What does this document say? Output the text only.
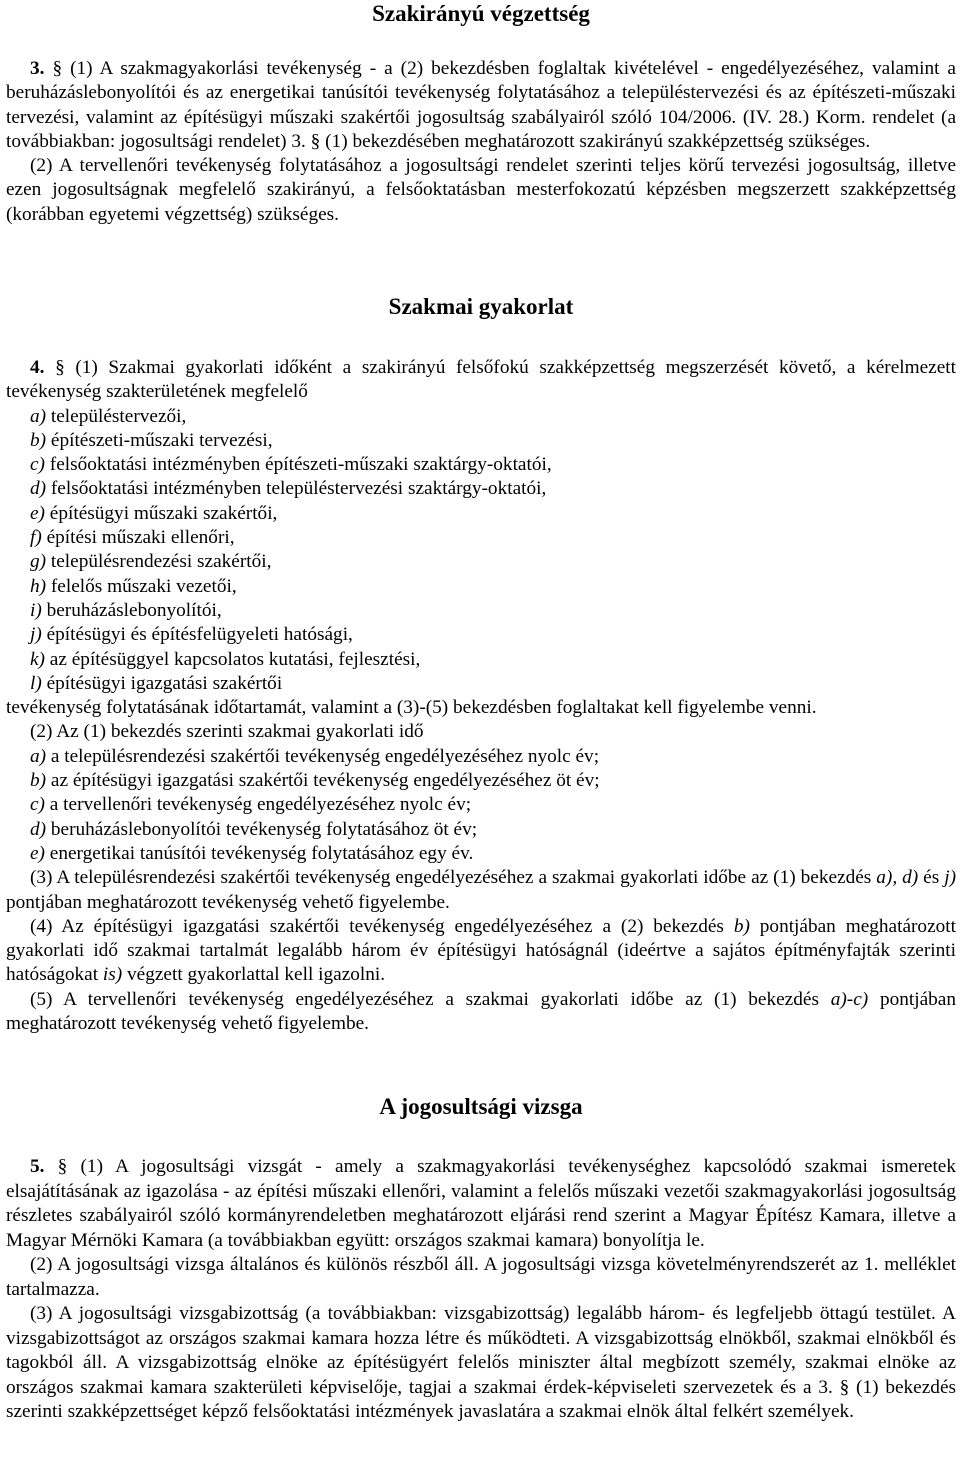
Szakirányú végzettség

3. § (1) A szakmagyakorlási tevékenység - a (2) bekezdésben foglaltak kivételével - engedélyezéséhez, valamint a beruházáslebonyolítói és az energetikai tanúsítói tevékenység folytatásához a településtervezési és az építészeti-műszaki tervezési, valamint az építésügyi műszaki szakértői jogosultság szabályairól szóló 104/2006. (IV. 28.) Korm. rendelet (a továbbiakban: jogosultsági rendelet) 3. § (1) bekezdésében meghatározott szakirányú szakképzettség szükséges.

(2) A tervellenőri tevékenység folytatásához a jogosultsági rendelet szerinti teljes körű tervezési jogosultság, illetve ezen jogosultságnak megfelelő szakirányú, a felsőoktatásban mesterfokozatú képzésben megszerzett szakképzettség (korábban egyetemi végzettség) szükséges.

Szakmai gyakorlat

4. § (1) Szakmai gyakorlati időként a szakirányú felsőfokú szakképzettség megszerzését követő, a kérelmezett tevékenység szakterületének megfelelő

a) településtervezői,

b) építészeti-műszaki tervezési,

c) felsőoktatási intézményben építészeti-műszaki szaktárgy-oktatói,

d) felsőoktatási intézményben településtervezési szaktárgy-oktatói,

e) építésügyi műszaki szakértői,

f) építési műszaki ellenőri,

g) településrendezési szakértői,

h) felelős műszaki vezetői,

i) beruházáslebonyolítói,

j) építésügyi és építésfelügyeleti hatósági,

k) az építésüggyel kapcsolatos kutatási, fejlesztési,

l) építésügyi igazgatási szakértői

tevékenység folytatásának időtartamát, valamint a (3)-(5) bekezdésben foglaltakat kell figyelembe venni.

(2) Az (1) bekezdés szerinti szakmai gyakorlati idő

a) a településrendezési szakértői tevékenység engedélyezéséhez nyolc év;

b) az építésügyi igazgatási szakértői tevékenység engedélyezéséhez öt év;

c) a tervellenőri tevékenység engedélyezéséhez nyolc év;

d) beruházáslebonyolítói tevékenység folytatásához öt év;

e) energetikai tanúsítói tevékenység folytatásához egy év.

(3) A településrendezési szakértői tevékenység engedélyezéséhez a szakmai gyakorlati időbe az (1) bekezdés a), d) és j) pontjában meghatározott tevékenység vehető figyelembe.

(4) Az építésügyi igazgatási szakértői tevékenység engedélyezéséhez a (2) bekezdés b) pontjában meghatározott gyakorlati idő szakmai tartalmát legalább három év építésügyi hatóságnál (ideértve a sajátos építményfajták szerinti hatóságokat is) végzett gyakorlattal kell igazolni.

(5) A tervellenőri tevékenység engedélyezéséhez a szakmai gyakorlati időbe az (1) bekezdés a)-c) pontjában meghatározott tevékenység vehető figyelembe.

A jogosultsági vizsga

5. § (1) A jogosultsági vizsgát - amely a szakmagyakorlási tevékenységhez kapcsolódó szakmai ismeretek elsajátításának az igazolása - az építési műszaki ellenőri, valamint a felelős műszaki vezetői szakmagyakorlási jogosultság részletes szabályairól szóló kormányrendeletben meghatározott eljárási rend szerint a Magyar Építész Kamara, illetve a Magyar Mérnöki Kamara (a továbbiakban együtt: országos szakmai kamara) bonyolítja le.

(2) A jogosultsági vizsga általános és különös részből áll. A jogosultsági vizsga követelményrendszerét az 1. melléklet tartalmazza.

(3) A jogosultsági vizsgabizottság (a továbbiakban: vizsgabizottság) legalább három- és legfeljebb öttagú testület. A vizsgabizottságot az országos szakmai kamara hozza létre és működteti. A vizsgabizottság elnökből, szakmai elnökből és tagokból áll. A vizsgabizottság elnöke az építésügyért felelős miniszter által megbízott személy, szakmai elnöke az országos szakmai kamara szakterületi képviselője, tagjai a szakmai érdek-képviseleti szervezetek és a 3. § (1) bekezdés szerinti szakképzettséget képző felsőoktatási intézmények javaslatára a szakmai elnök által felkért személyek.
